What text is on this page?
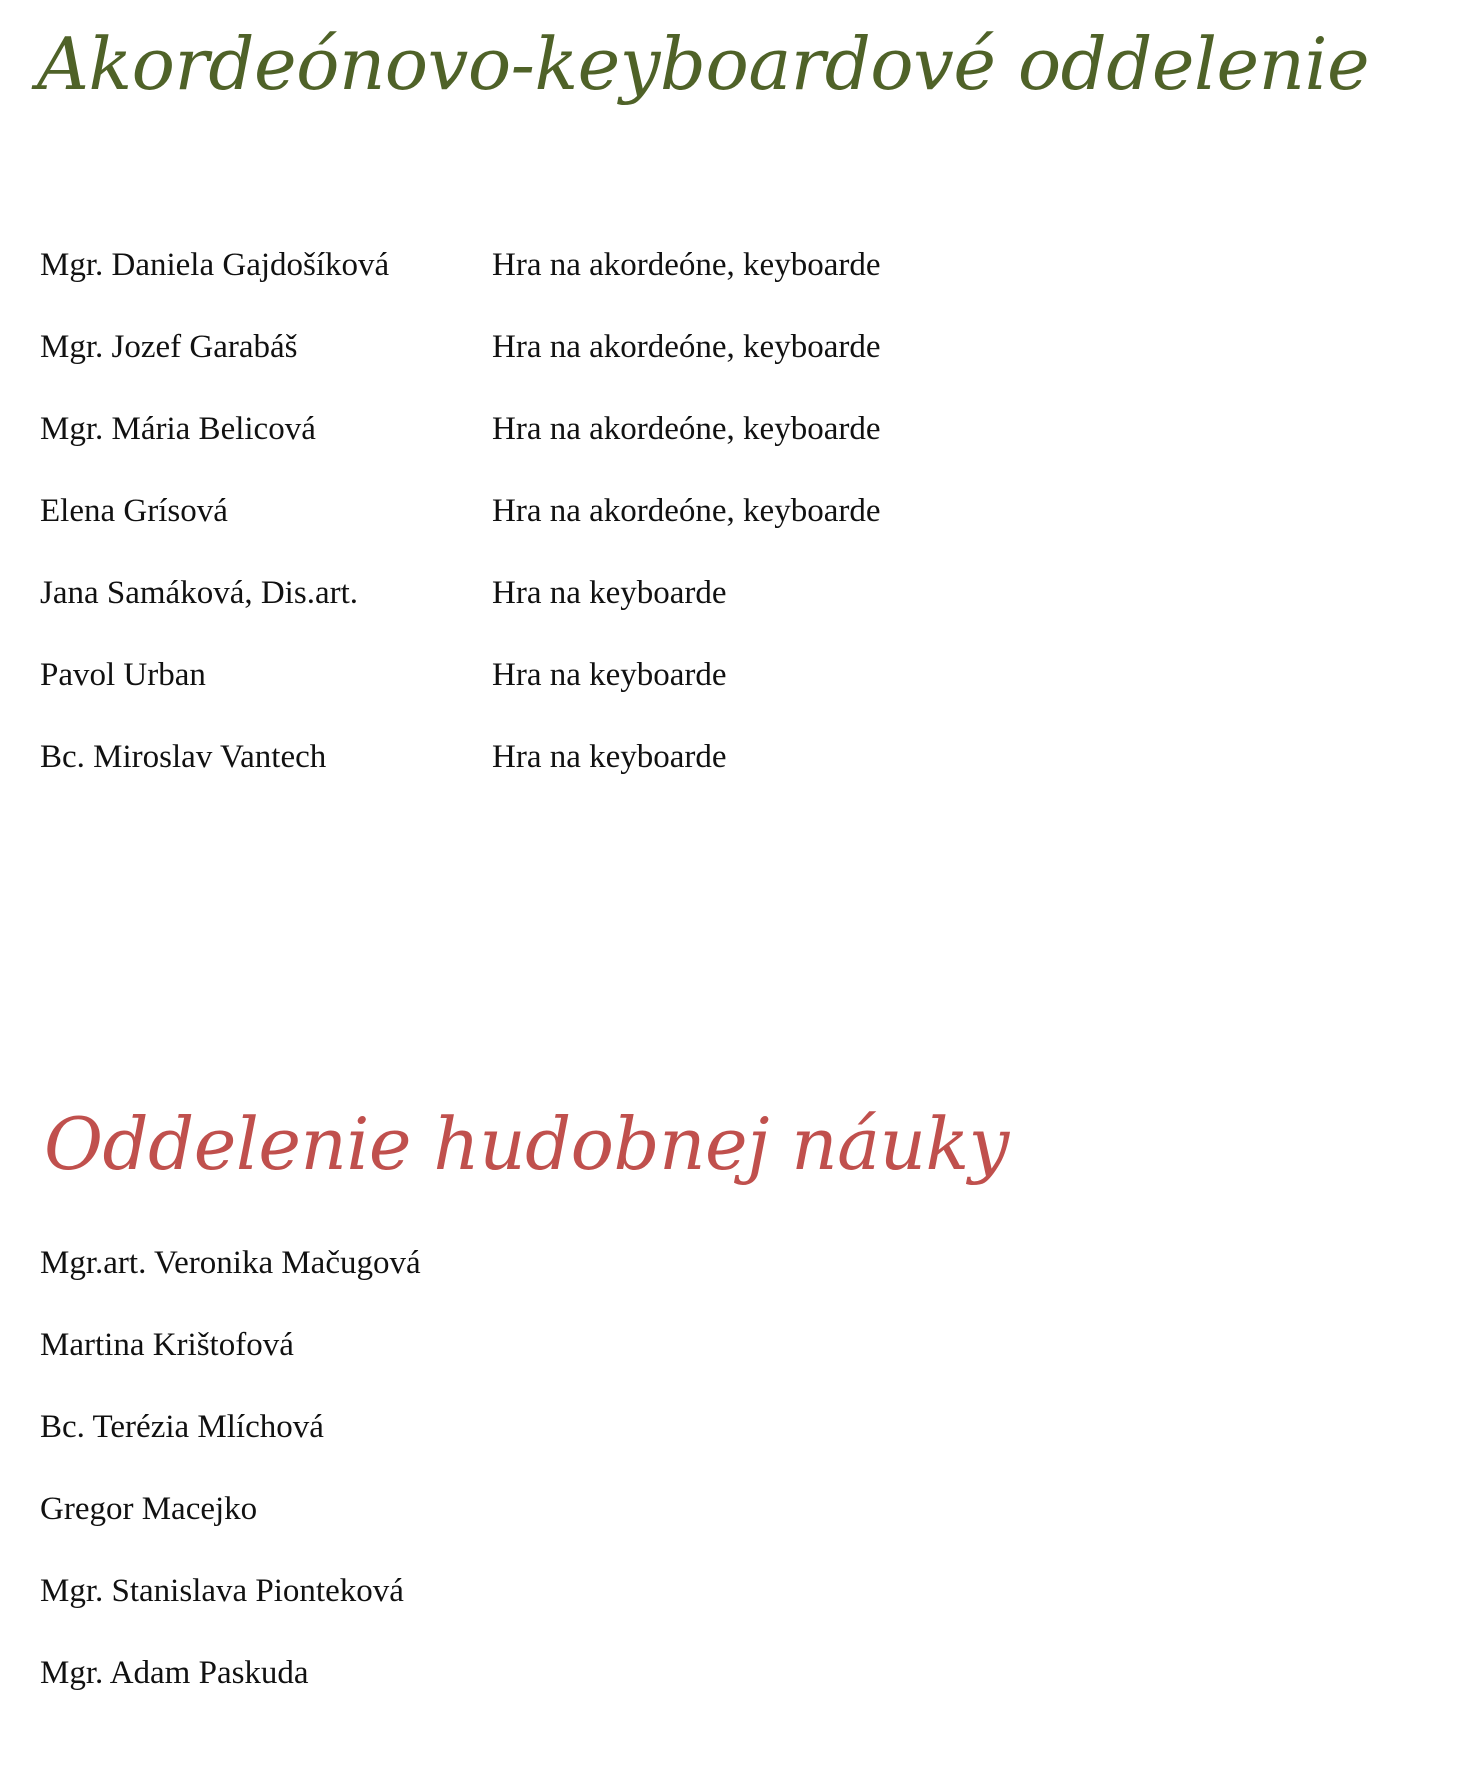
Akordeónovo-keyboardové oddelenie
Mgr. Daniela Gajdošíková	Hra na akordeóne, keyboarde
Mgr. Jozef Garabáš	Hra na akordeóne, keyboarde
Mgr. Mária Belicová	Hra na akordeóne, keyboarde
Elena Grísová	Hra na akordeóne, keyboarde
Jana Samáková, Dis.art.	Hra na keyboarde
Pavol Urban	Hra na keyboarde
Bc. Miroslav Vantech	Hra na keyboarde
Oddelenie hudobnej náuky
Mgr.art. Veronika Mačugová
Martina Krištofová
Bc. Terézia Mlíchová
Gregor Macejko
Mgr. Stanislava Pionteková
Mgr. Adam Paskuda
